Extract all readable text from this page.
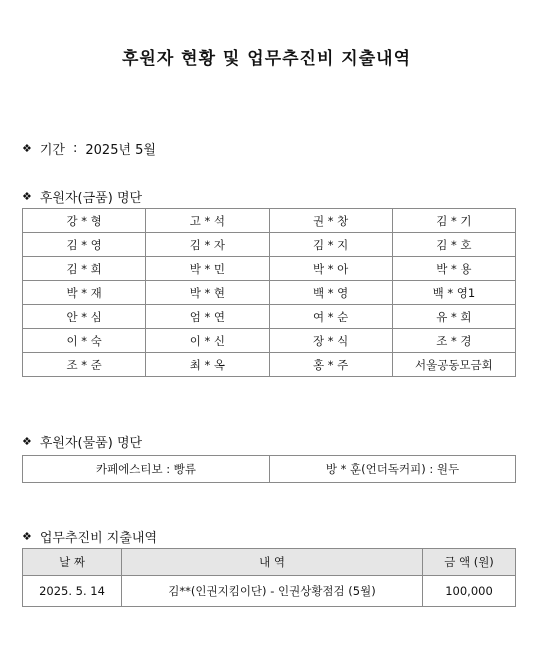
후원자 현황 및 업무추진비 지출내역
❖ 기간 : 2025년 5월
❖ 후원자(금품) 명단
강 * 형	고 * 석	권 * 창	김 * 기
김 * 영	김 * 자	김 * 지	김 * 호
김 * 희	박 * 민	박 * 아	박 * 용
박 * 재	박 * 현	백 * 영	백 * 영1
안 * 심	엄 * 연	여 * 순	유 * 희
이 * 숙	이 * 신	장 * 식	조 * 경
조 * 준	최 * 옥	홍 * 주	서울공동모금회
❖ 후원자(물품) 명단
카페에스티보 : 빵류	방 * 훈(언더독커피) : 원두
❖ 업무추진비 지출내역
날 짜	내 역	금 액 (원)
2025. 5. 14	김**(인권지킴이단) - 인권상황점검 (5월)	100,000
